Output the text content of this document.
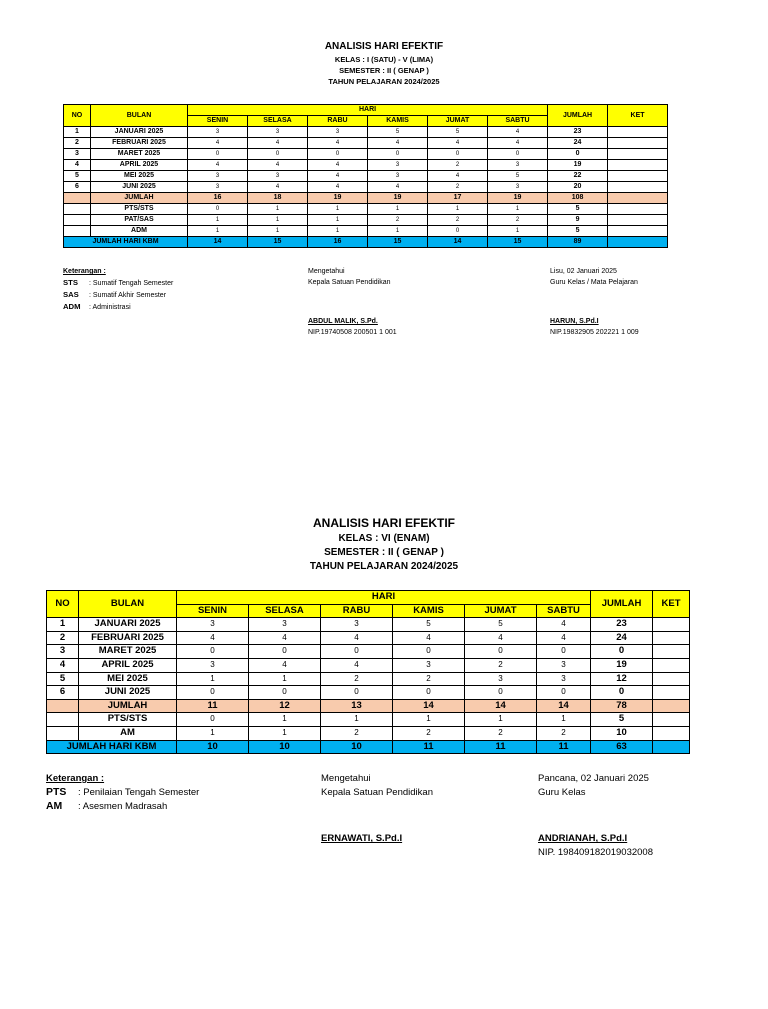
ANALISIS HARI EFEKTIF
KELAS : I (SATU) - V (LIMA)
SEMESTER : II ( GENAP )
TAHUN PELAJARAN 2024/2025
NO	BULAN	HARI						JUMLAH	KET
		SENIN	SELASA	RABU	KAMIS	JUMAT	SABTU		
1	JANUARI 2025	3	3	3	5	5	4	23	
2	FEBRUARI 2025	4	4	4	4	4	4	24	
3	MARET 2025	0	0	0	0	0	0	0	
4	APRIL 2025	4	4	4	3	2	3	19	
5	MEI 2025	3	3	4	3	4	5	22	
6	JUNI 2025	3	4	4	4	2	3	20	
	JUMLAH	16	18	19	19	17	19	108	
	PTS/STS	0	1	1	1	1	1	5	
	PAT/SAS	1	1	1	2	2	2	9	
	ADM	1	1	1	1	0	1	5	
JUMLAH HARI KBM		14	15	16	15	14	15	89	
Keterangan :
STS : Sumatif Tengah Semester
SAS : Sumatif Akhir Semester
ADM : Administrasi
Mengetahui
Kepala Satuan Pendidikan
ABDUL MALIK, S.Pd.
NIP.19740508 200501 1 001
Lisu, 02 Januari 2025
Guru Kelas / Mata Pelajaran
HARUN, S.Pd.I
NIP.19832905 202221 1 009
ANALISIS HARI EFEKTIF
KELAS : VI (ENAM)
SEMESTER : II ( GENAP )
TAHUN PELAJARAN 2024/2025
NO	BULAN	HARI						JUMLAH	KET
		SENIN	SELASA	RABU	KAMIS	JUMAT	SABTU		
1	JANUARI 2025	3	3	3	5	5	4	23	
2	FEBRUARI 2025	4	4	4	4	4	4	24	
3	MARET 2025	0	0	0	0	0	0	0	
4	APRIL 2025	3	4	4	3	2	3	19	
5	MEI 2025	1	1	2	2	3	3	12	
6	JUNI 2025	0	0	0	0	0	0	0	
	JUMLAH	11	12	13	14	14	14	78	
	PTS/STS	0	1	1	1	1	1	5	
	AM	1	1	2	2	2	2	10	
JUMLAH HARI KBM		10	10	10	11	11	11	63	
Keterangan :
PTS : Penilaian Tengah Semester
AM : Asesmen Madrasah
Mengetahui
Kepala Satuan Pendidikan
ERNAWATI, S.Pd.I
Pancana, 02 Januari 2025
Guru Kelas
ANDRIANAH, S.Pd.I
NIP. 198409182019032008
